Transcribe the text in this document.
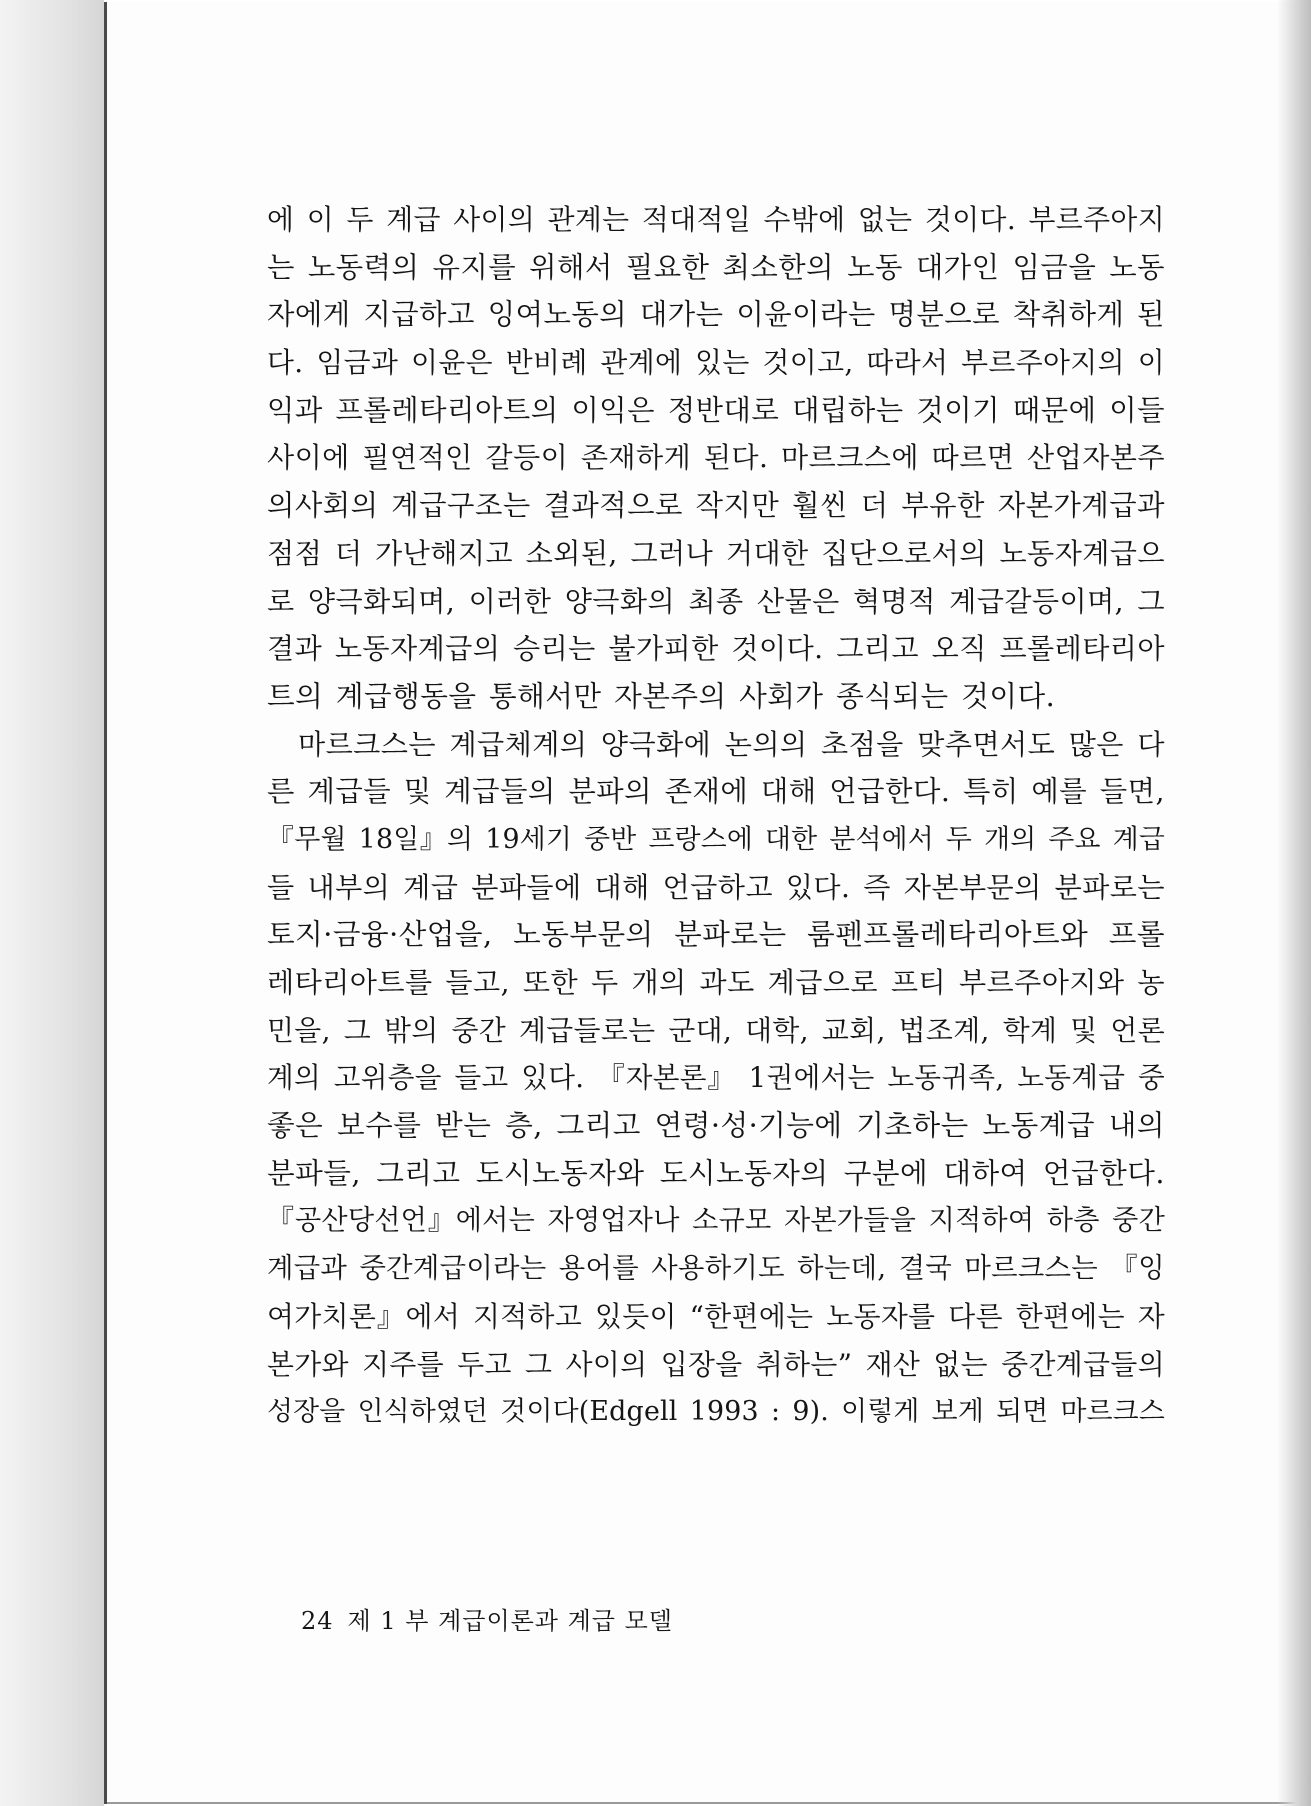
에 이 두 계급 사이의 관계는 적대적일 수밖에 없는 것이다. 부르주아지
는 노동력의 유지를 위해서 필요한 최소한의 노동 대가인 임금을 노동
자에게 지급하고 잉여노동의 대가는 이윤이라는 명분으로 착취하게 된
다. 임금과 이윤은 반비례 관계에 있는 것이고, 따라서 부르주아지의 이
익과 프롤레타리아트의 이익은 정반대로 대립하는 것이기 때문에 이들
사이에 필연적인 갈등이 존재하게 된다. 마르크스에 따르면 산업자본주
의사회의 계급구조는 결과적으로 작지만 훨씬 더 부유한 자본가계급과
점점 더 가난해지고 소외된, 그러나 거대한 집단으로서의 노동자계급으
로 양극화되며, 이러한 양극화의 최종 산물은 혁명적 계급갈등이며, 그
결과 노동자계급의 승리는 불가피한 것이다. 그리고 오직 프롤레타리아
트의 계급행동을 통해서만 자본주의 사회가 종식되는 것이다.
마르크스는 계급체계의 양극화에 논의의 초점을 맞추면서도 많은 다
른 계급들 및 계급들의 분파의 존재에 대해 언급한다. 특히 예를 들면,
『무월 18일』의 19세기 중반 프랑스에 대한 분석에서 두 개의 주요 계급
들 내부의 계급 분파들에 대해 언급하고 있다. 즉 자본부문의 분파로는
토지·금융·산업을, 노동부문의 분파로는 룸펜프롤레타리아트와 프롤
레타리아트를 들고, 또한 두 개의 과도 계급으로 프티 부르주아지와 농
민을, 그 밖의 중간 계급들로는 군대, 대학, 교회, 법조계, 학계 및 언론
계의 고위층을 들고 있다. 『자본론』 1권에서는 노동귀족, 노동계급 중
좋은 보수를 받는 층, 그리고 연령·성·기능에 기초하는 노동계급 내의
분파들, 그리고 도시노동자와 도시노동자의 구분에 대하여 언급한다.
『공산당선언』에서는 자영업자나 소규모 자본가들을 지적하여 하층 중간
계급과 중간계급이라는 용어를 사용하기도 하는데, 결국 마르크스는 『잉
여가치론』에서 지적하고 있듯이 “한편에는 노동자를 다른 한편에는 자
본가와 지주를 두고 그 사이의 입장을 취하는” 재산 없는 중간계급들의
성장을 인식하였던 것이다(Edgell 1993 : 9). 이렇게 보게 되면 마르크스
24 제 1 부 계급이론과 계급 모델
